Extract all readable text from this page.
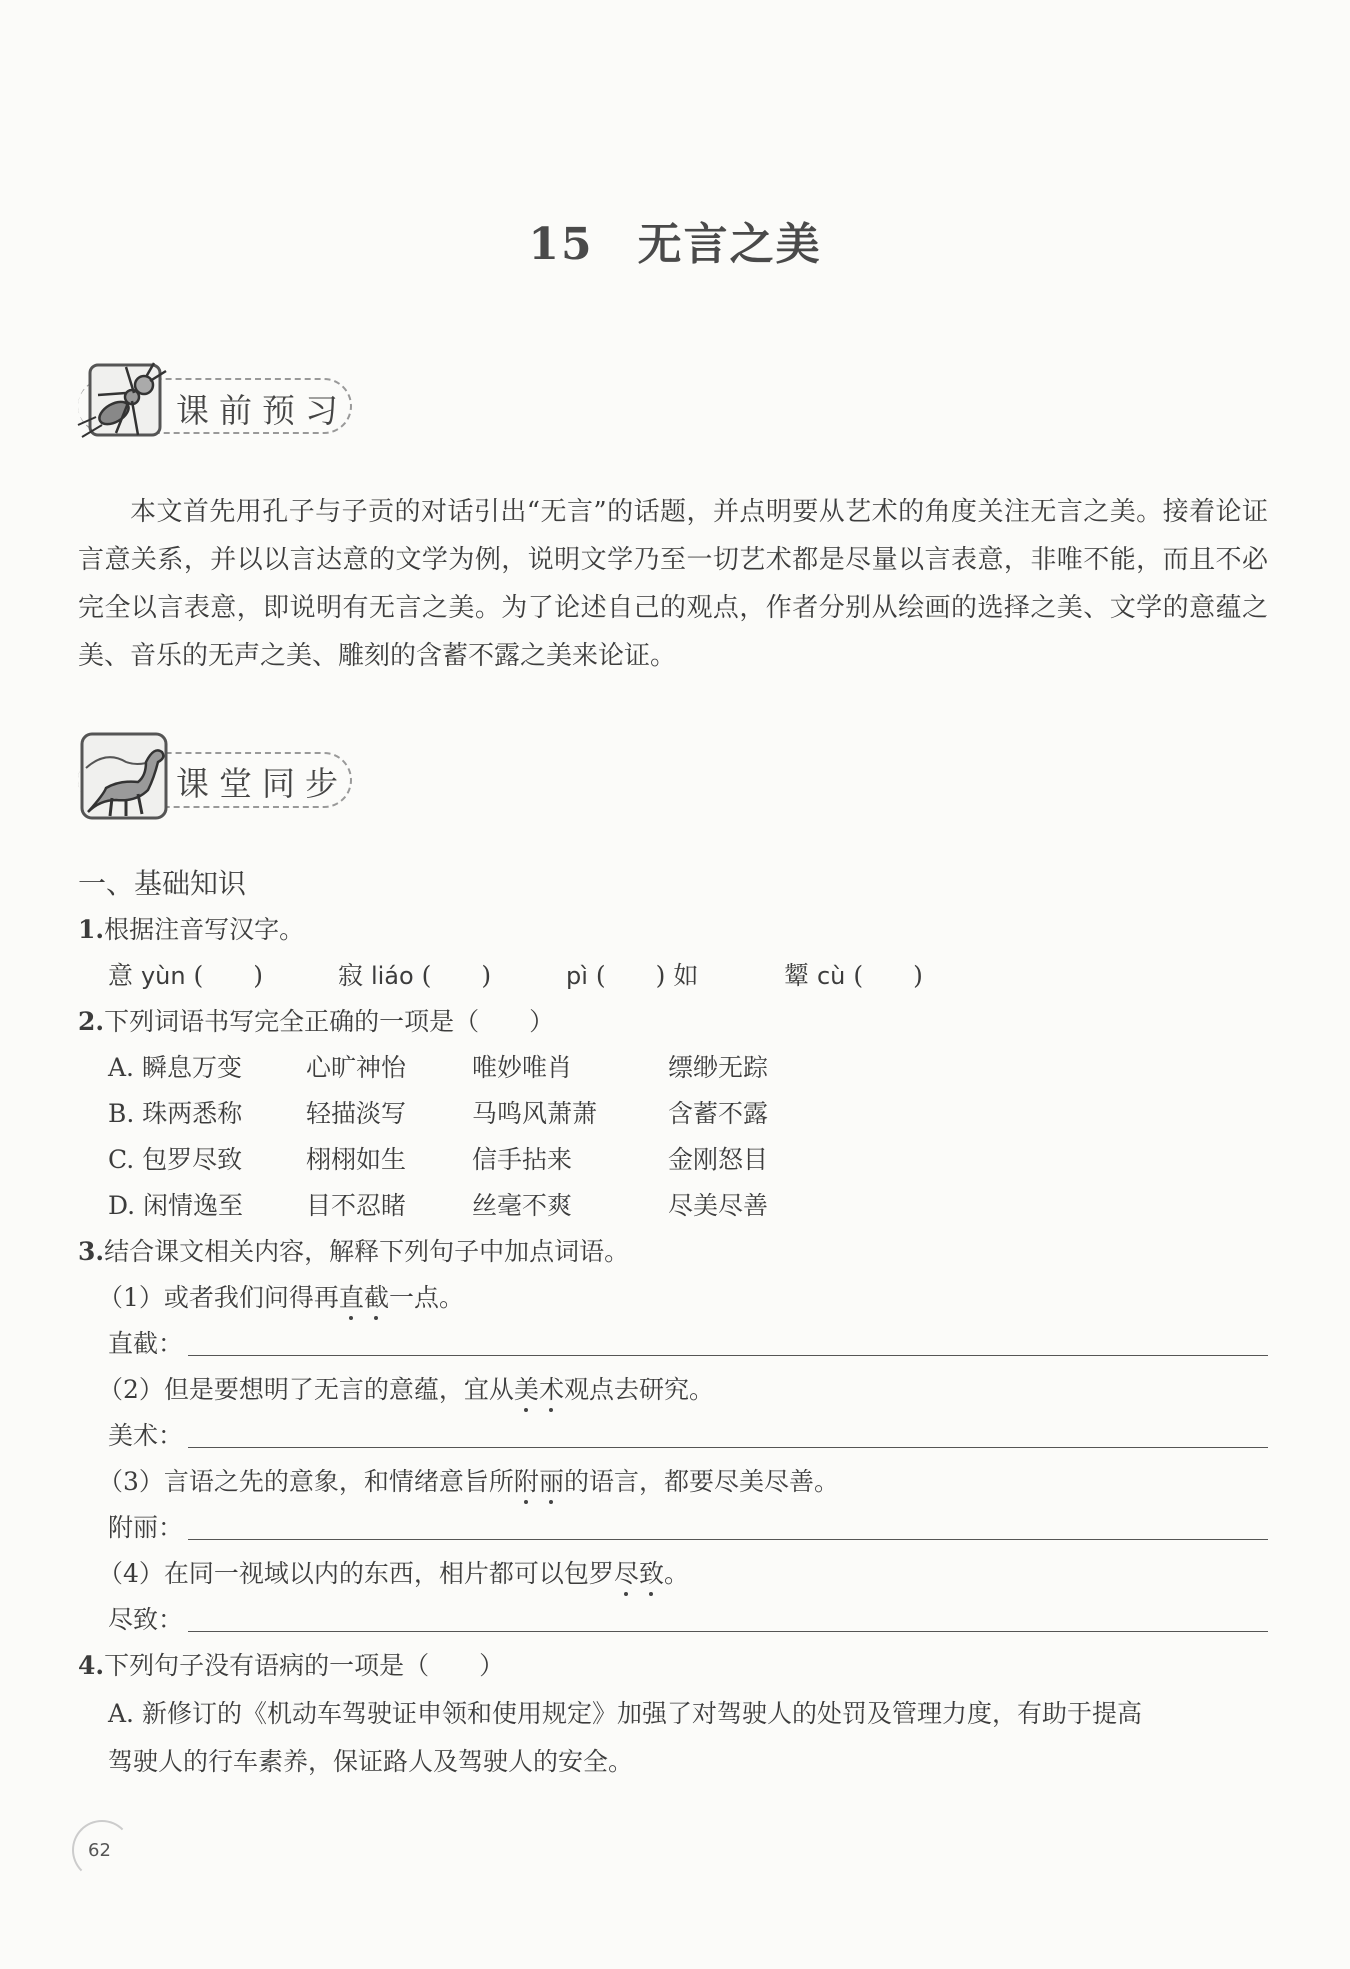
15 无言之美
课前预习
本文首先用孔子与子贡的对话引出“无言”的话题，并点明要从艺术的角度关注无言之美。接着论证言意关系，并以以言达意的文学为例，说明文学乃至一切艺术都是尽量以言表意，非唯不能，而且不必完全以言表意，即说明有无言之美。为了论述自己的观点，作者分别从绘画的选择之美、文学的意蕴之美、音乐的无声之美、雕刻的含蓄不露之美来论证。
课堂同步
一、基础知识
1.根据注音写汉字。
意 yùn (　　)	寂 liáo (　　)	pì (　　) 如	颦 cù (　　)
2.下列词语书写完全正确的一项是（　　）
A. 瞬息万变	心旷神怡	唯妙唯肖	缥缈无踪
B. 珠两悉称	轻描淡写	马鸣风萧萧	含蓄不露
C. 包罗尽致	栩栩如生	信手拈来	金刚怒目
D. 闲情逸至	目不忍睹	丝毫不爽	尽美尽善
3.结合课文相关内容，解释下列句子中加点词语。
（1）或者我们问得再直截一点。
直截：
（2）但是要想明了无言的意蕴，宜从美术观点去研究。
美术：
（3）言语之先的意象，和情绪意旨所附丽的语言，都要尽美尽善。
附丽：
（4）在同一视域以内的东西，相片都可以包罗尽致。
尽致：
4.下列句子没有语病的一项是（　　）
A. 新修订的《机动车驾驶证申领和使用规定》加强了对驾驶人的处罚及管理力度，有助于提高
驾驶人的行车素养，保证路人及驾驶人的安全。
62
